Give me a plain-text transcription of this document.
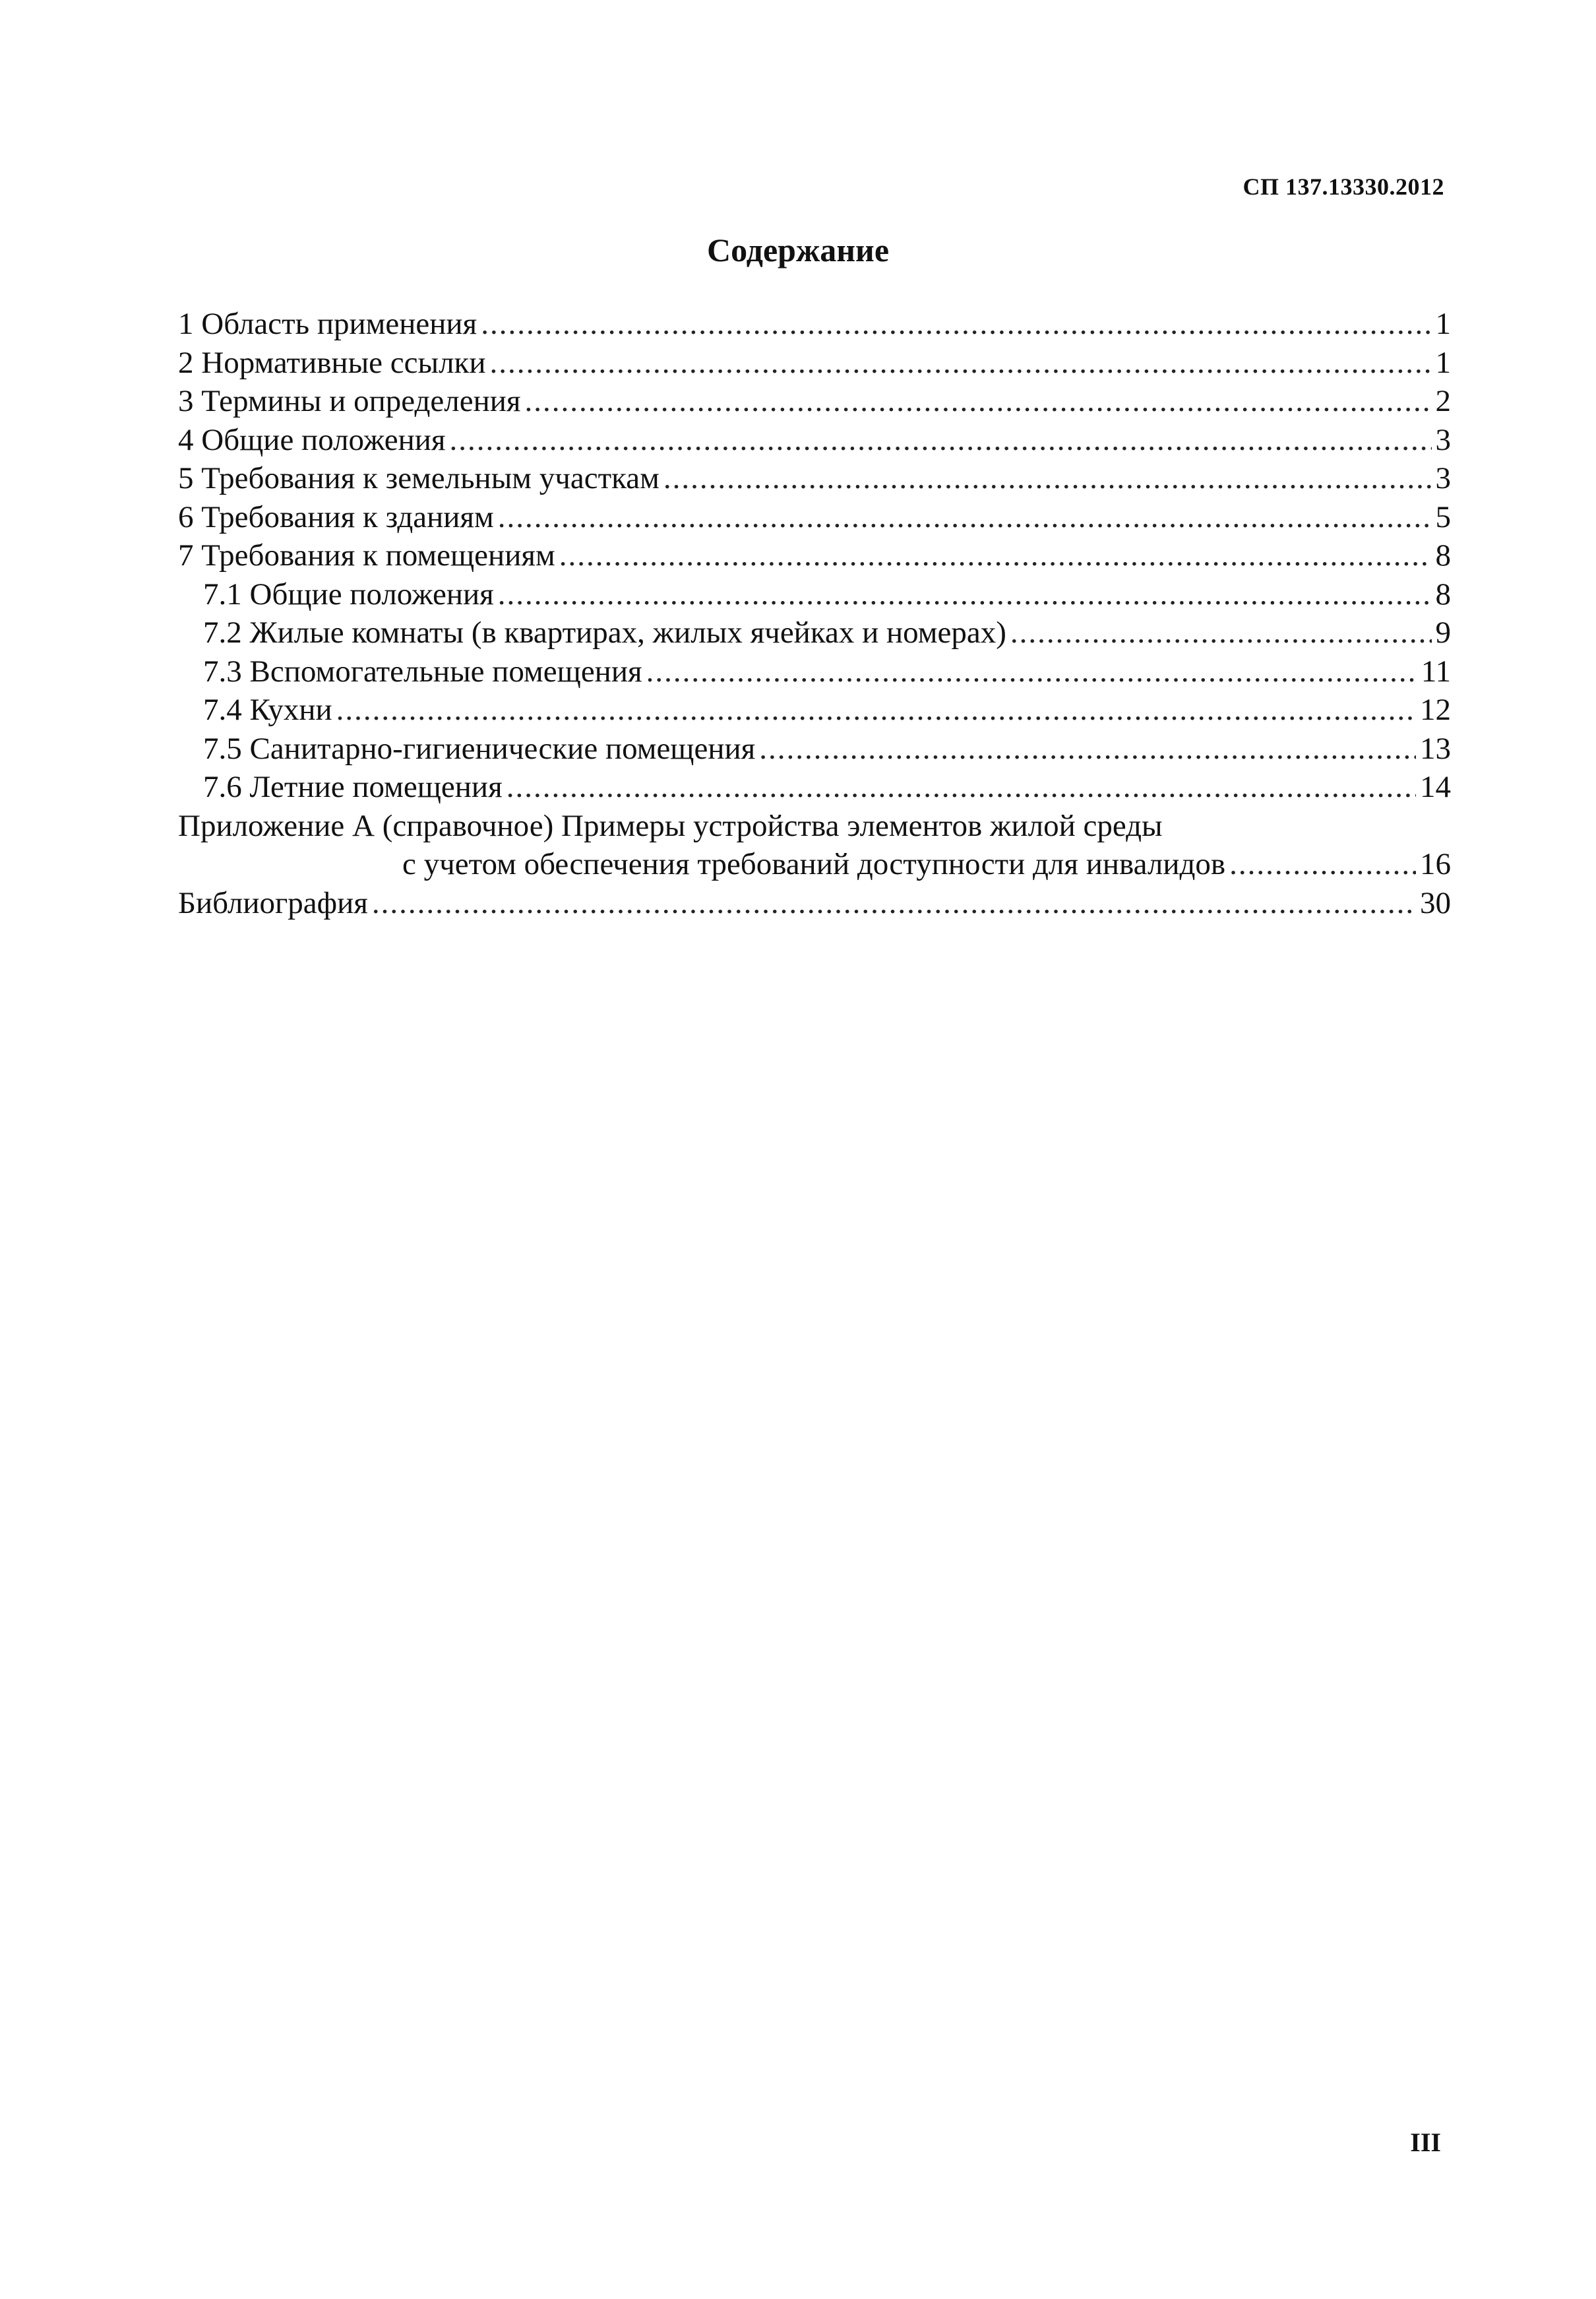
СП 137.13330.2012
Содержание
1 Область применения .....	1
2 Нормативные ссылки .....	1
3 Термины и определения .....	2
4 Общие положения .....	3
5 Требования к земельным участкам .....	3
6 Требования к зданиям .....	5
7 Требования к помещениям .....	8
7.1 Общие положения .....	8
7.2 Жилые комнаты (в квартирах, жилых ячейках и номерах) .....	9
7.3 Вспомогательные помещения .....	11
7.4 Кухни .....	12
7.5 Санитарно-гигиенические помещения .....	13
7.6 Летние помещения .....	14
Приложение А (справочное) Примеры устройства элементов жилой среды
с учетом обеспечения требований доступности для инвалидов .....	16
Библиография .....	30
III
